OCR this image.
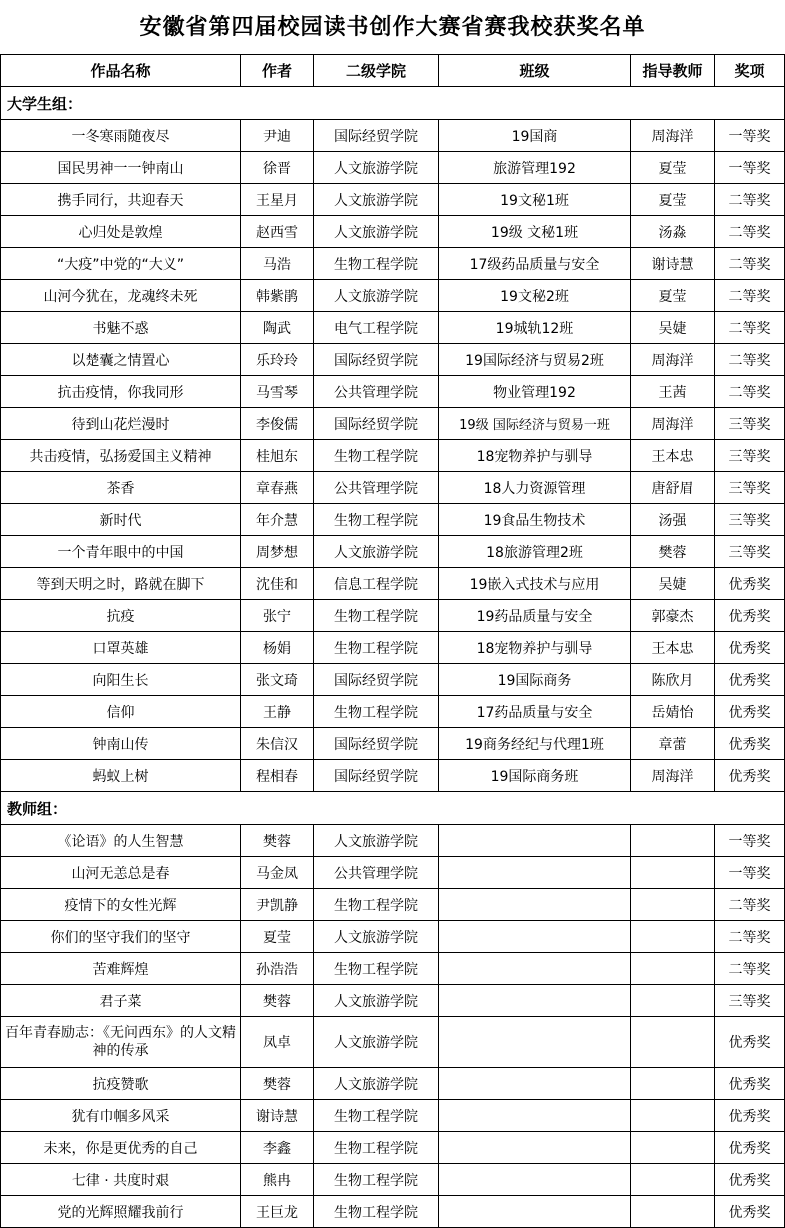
安徽省第四届校园读书创作大赛省赛我校获奖名单
作品名称	作者	二级学院	班级	指导教师	奖项
大学生组：					
一冬寒雨随夜尽	尹迪	国际经贸学院	19国商	周海洋	一等奖
国民男神一一钟南山	徐晋	人文旅游学院	旅游管理192	夏莹	一等奖
携手同行，共迎春天	王星月	人文旅游学院	19文秘1班	夏莹	二等奖
心归处是敦煌	赵西雪	人文旅游学院	19级 文秘1班	汤淼	二等奖
“大疫”中党的“大义”	马浩	生物工程学院	17级药品质量与安全	谢诗慧	二等奖
山河今犹在，龙魂终未死	韩紫鹃	人文旅游学院	19文秘2班	夏莹	二等奖
书魅不惑	陶武	电气工程学院	19城轨12班	吴婕	二等奖
以楚囊之情置心	乐玲玲	国际经贸学院	19国际经济与贸易2班	周海洋	二等奖
抗击疫情，你我同形	马雪琴	公共管理学院	物业管理192	王茜	二等奖
待到山花烂漫时	李俊儒	国际经贸学院	19级 国际经济与贸易一班	周海洋	三等奖
共击疫情，弘扬爱国主义精神	桂旭东	生物工程学院	18宠物养护与驯导	王本忠	三等奖
茶香	章春燕	公共管理学院	18人力资源管理	唐舒眉	三等奖
新时代	年介慧	生物工程学院	19食品生物技术	汤强	三等奖
一个青年眼中的中国	周梦想	人文旅游学院	18旅游管理2班	樊蓉	三等奖
等到天明之时，路就在脚下	沈佳和	信息工程学院	19嵌入式技术与应用	吴婕	优秀奖
抗疫	张宁	生物工程学院	19药品质量与安全	郭豪杰	优秀奖
口罩英雄	杨娟	生物工程学院	18宠物养护与驯导	王本忠	优秀奖
向阳生长	张文琦	国际经贸学院	19国际商务	陈欣月	优秀奖
信仰	王静	生物工程学院	17药品质量与安全	岳婧怡	优秀奖
钟南山传	朱信汉	国际经贸学院	19商务经纪与代理1班	章蕾	优秀奖
蚂蚁上树	程相春	国际经贸学院	19国际商务班	周海洋	优秀奖
教师组：					
《论语》的人生智慧	樊蓉	人文旅游学院			一等奖
山河无恙总是春	马金凤	公共管理学院			一等奖
疫情下的女性光辉	尹凯静	生物工程学院			二等奖
你们的坚守我们的坚守	夏莹	人文旅游学院			二等奖
苦难辉煌	孙浩浩	生物工程学院			二等奖
君子菜	樊蓉	人文旅游学院			三等奖
百年青春励志：《无问西东》的人文精神的传承	凤卓	人文旅游学院			优秀奖
抗疫赞歌	樊蓉	人文旅游学院			优秀奖
犹有巾帼多风采	谢诗慧	生物工程学院			优秀奖
未来，你是更优秀的自己	李鑫	生物工程学院			优秀奖
七律 · 共度时艰	熊冉	生物工程学院			优秀奖
党的光辉照耀我前行	王巨龙	生物工程学院			优秀奖
